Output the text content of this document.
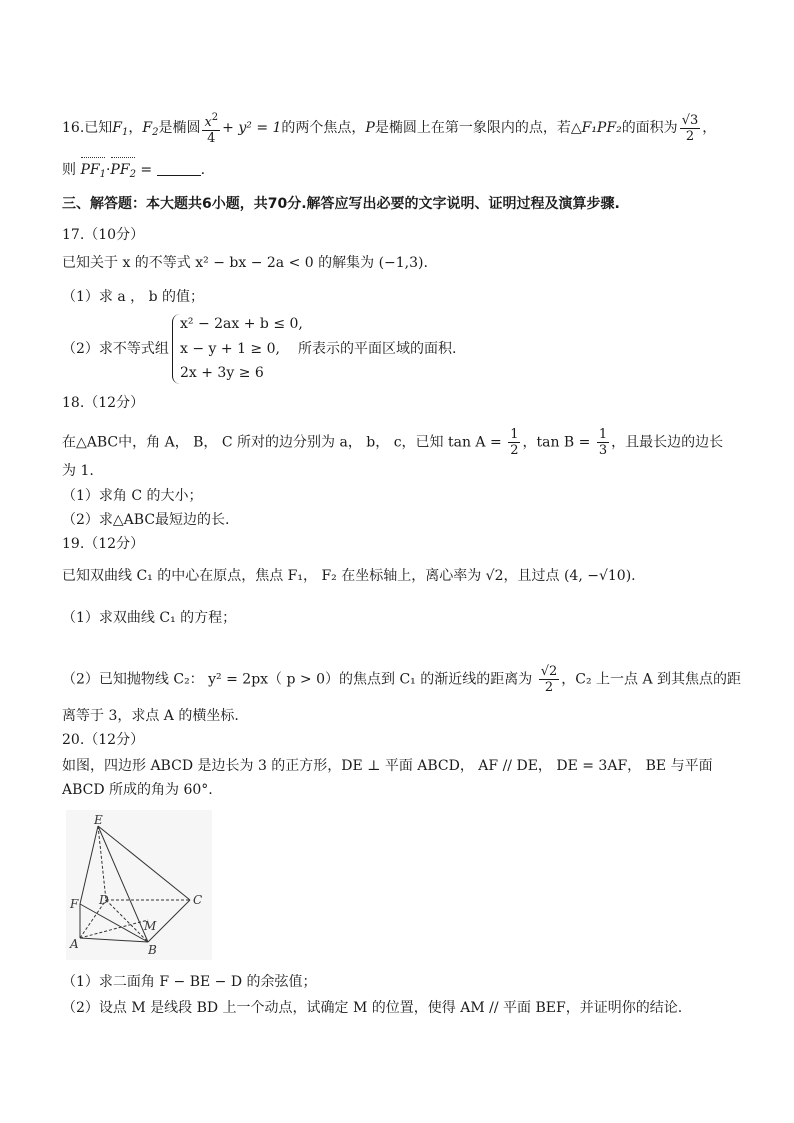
16.已知$F_1$，$F_2$是椭圆 $\frac{x^2}{4} + y^2 = 1$的两个焦点，P是椭圆上在第一象限内的点，若△F₁PF₂的面积为 $\frac{√3}{2}$ ，
则 $PF_1\cdot PF_2$ =	.
三、解答题：本大题共6小题，共70分.解答应写出必要的文字说明、证明过程及演算步骤.
17.（10分）
已知关于 x 的不等式 x² − bx − 2a < 0 的解集为 (−1,3).
（1）求 a ， b 的值；
（2）求不等式组
x² − 2ax + b ≤ 0,
x − y + 1 ≥ 0,
2x + 3y ≥ 6
所表示的平面区域的面积.
18.（12分）
在△ABC中，角 A， B， C 所对的边分别为 a， b， c，已知 $\tan A = \frac{1}{2}$ ，$\tan B = \frac{1}{3}$ ，且最长边的边长
为 1.
（1）求角 C 的大小；
（2）求△ABC最短边的长.
19.（12分）
已知双曲线 C₁ 的中心在原点，焦点 F₁， F₂ 在坐标轴上，离心率为 √2，且过点 (4, −√10).
（1）求双曲线 C₁ 的方程；
（2）已知抛物线 C₂： y² = 2px（ p > 0）的焦点到 C₁ 的渐近线的距离为 $\frac{√2}{2}$ ，C₂ 上一点 A 到其焦点的距
离等于 3，求点 A 的横坐标.
20.（12分）
如图，四边形 ABCD 是边长为 3 的正方形，DE ⊥ 平面 ABCD， AF // DE， DE = 3AF， BE 与平面
ABCD 所成的角为 60°.
E
F D	C
M
A	B
（1）求二面角 F − BE − D 的余弦值；
（2）设点 M 是线段 BD 上一个动点，试确定 M 的位置，使得 AM // 平面 BEF，并证明你的结论.
